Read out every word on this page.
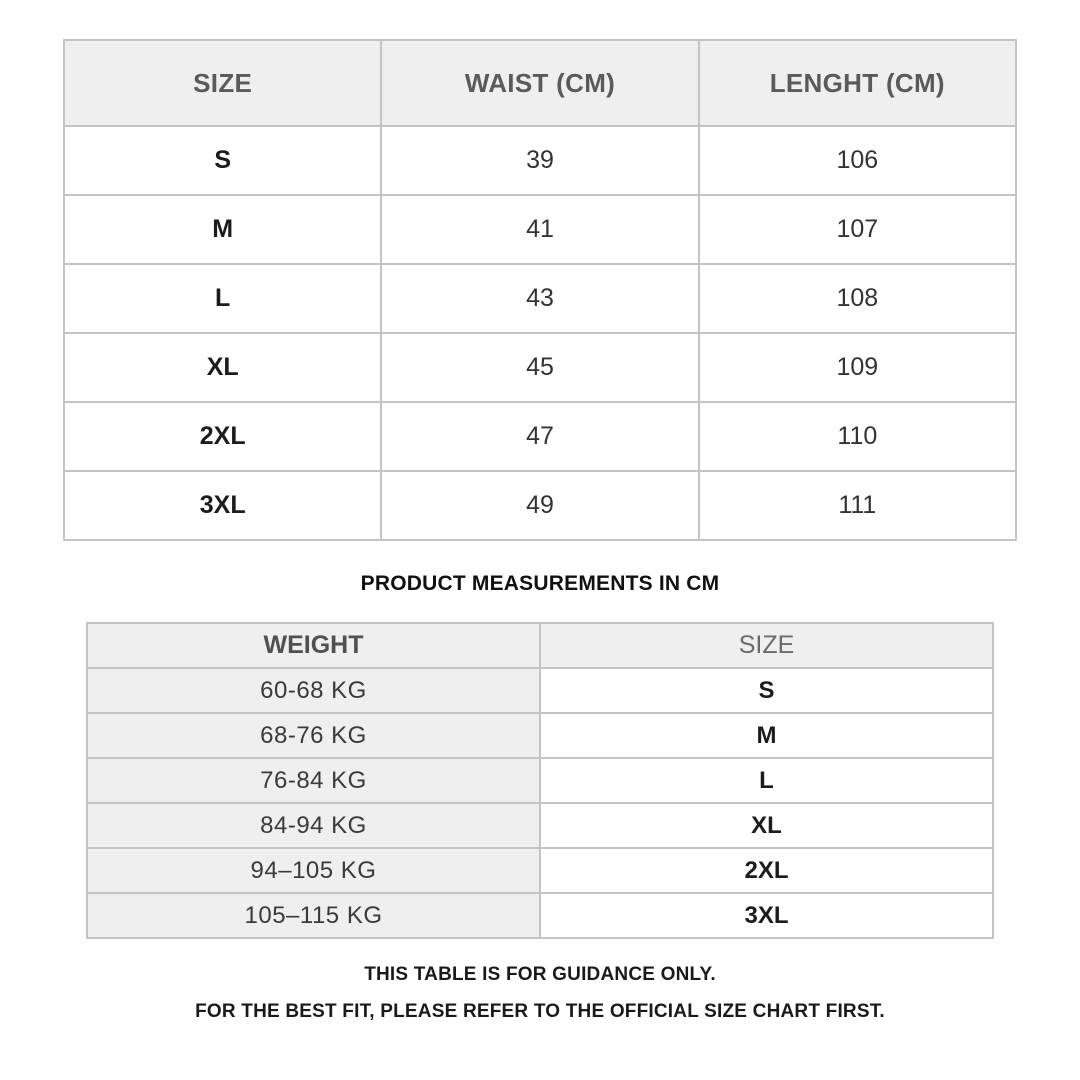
SIZE	WAIST (CM)	LENGHT (CM)
S	39	106
M	41	107
L	43	108
XL	45	109
2XL	47	110
3XL	49	111
PRODUCT MEASUREMENTS IN CM
WEIGHT	SIZE
60-68 KG	S
68-76 KG	M
76-84 KG	L
84-94 KG	XL
94–105 KG	2XL
105–115 KG	3XL
THIS TABLE IS FOR GUIDANCE ONLY.
FOR THE BEST FIT, PLEASE REFER TO THE OFFICIAL SIZE CHART FIRST.
